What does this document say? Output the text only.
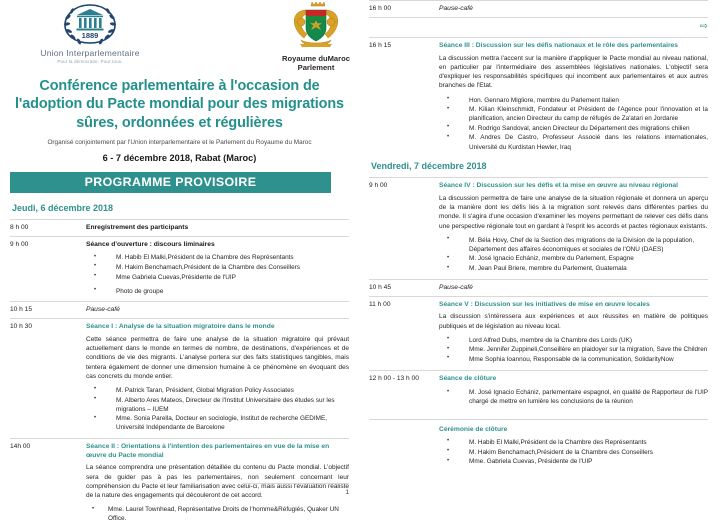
1889
Union Interparlementaire
Pour la démocratie. Pour tous.	Royaume duMaroc
Parlement
Conférence parlementaire à l'occasion de l'adoption du Pacte mondial pour des migrations sûres, ordonnées et régulières
Organisé conjointement par l'Union interparlementaire et le Parlement du Royaume du Maroc
6 - 7 décembre 2018, Rabat (Maroc)
PROGRAMME PROVISOIRE
Jeudi, 6 décembre 2018
8 h 00	Enregistrement des participants

9 h 00	Séance d'ouverture : discours liminaires
• M. Habib El Malki,Président de la Chambre des Représentants
• M. Hakim Benchamach,Président de la Chambre des Conseillers
• Mme Gabriela Cuevas,Présidente de l'UIP
• Photo de groupe

10 h 15	Pause-café

10 h 30	Séance I : Analyse de la situation migratoire dans le monde
Cette séance permettra de faire une analyse de la situation migratoire qui prévaut actuellement dans le monde en termes de nombre, de destinations, d'expériences et de conditions de vie des migrants. L'analyse portera sur des faits statistiques tangibles, mais tentera également de donner une dimension humaine à ce phénomène en évoquant des cas concrets du monde entier.
• M. Patrick Taran, Président, Global Migration Policy Associates
• M. Alberto Ares Mateos, Directeur de l'Institut Universitaire des études sur les migrations – IUEM
• Mme. Sonia Parella, Docteur en sociologie, Institut de recherche GEDIME, Université Indépendante de Barcelone

14h 00	Séance II : Orientations à l'intention des parlementaires en vue de la mise en œuvre du Pacte mondial
La séance comprendra une présentation détaillée du contenu du Pacte mondial. L'objectif sera de guider pas à pas les parlementaires, non seulement concernant leur compréhension du Pacte et leur familiarisation avec celui-ci, mais aussi l'évaluation réaliste de la nature des engagements qui découleront de cet accord.
• Mme. Laurel Townhead, Représentative Droits de l'homme&Réfugiés, Quaker UN Office.
1
16 h 00	Pause-café

	⇨

16 h 15	Séance III : Discussion sur les défis nationaux et le rôle des parlementaires
La discussion mettra l'accent sur la manière d'appliquer le Pacte mondial au niveau national, en particulier par l'intermédiaire des assemblées législatives nationales. L'objectif sera d'expliquer les responsabilités spécifiques qui incombent aux parlementaires et aux autres branches de l'Etat.
• Hon. Gennaro Migliore, membre du Parlement Italien
• M. Kilian Kleinschmidt, Fondateur et Président de l'Agence pour l'innovation et la planification, ancien Directeur du camp de réfugés de Za'atari en Jordanie
• M. Rodrigo Sandoval, ancien Directeur du Département des migrations chilien
• M. Andres De Castro, Professeur Associé dans les relations internationales, Université du Kurdistan Hewler, Iraq
Vendredi, 7 décembre 2018
9 h 00	Séance IV : Discussion sur les défis et la mise en œuvre au niveau régional
La discussion permettra de faire une analyse de la situation régionale et donnera un aperçu de la manière dont les défis liés à la migration sont relevés dans différentes parties du monde. Il s'agira d'une occasion d'examiner les moyens permettant de relever ces défis dans une perspective régionale tout en gardant à l'esprit les accords et pactes régionaux existants.
• M. Béla Hovy, Chef de la Section des migrations de la Division de la population, Département des affaires économiques et sociales de l'ONU (DAES)
• M. José Ignacio Echániz, membre du Parlement, Espagne
• M. Jean Paul Briere, membre du Parlement, Guatemala

10 h 45	Pause-café

11 h 00	Séance V : Discussion sur les initiatives de mise en œuvre locales
La discussion s'intéressera aux expériences et aux réussites en matière de politiques publiques et de législation au niveau local.
• Lord Alfred Dubs, membre de la Chambre des Lords (UK)
• Mme. Jennifer Zuppineli,Conseillère en plaidoyer sur la migration, Save the Children
• Mme Sophia Ioannou, Responsable de la communication, SolidarityNow

12 h 00 - 13 h 00	Séance de clôture
• M. José Ignacio Echániz, parlementaire espagnol, en qualité de Rapporteur de l'UIP chargé de mettre en lumière les conclusions de la réunion
Cérémonie de clôture
• M. Habib El Malki,Président de la Chambre des Représentants
• M. Hakim Benchamach,Président de la Chambre des Conseillers
• Mme. Gabriela Cuevas, Présidente de l'UIP
